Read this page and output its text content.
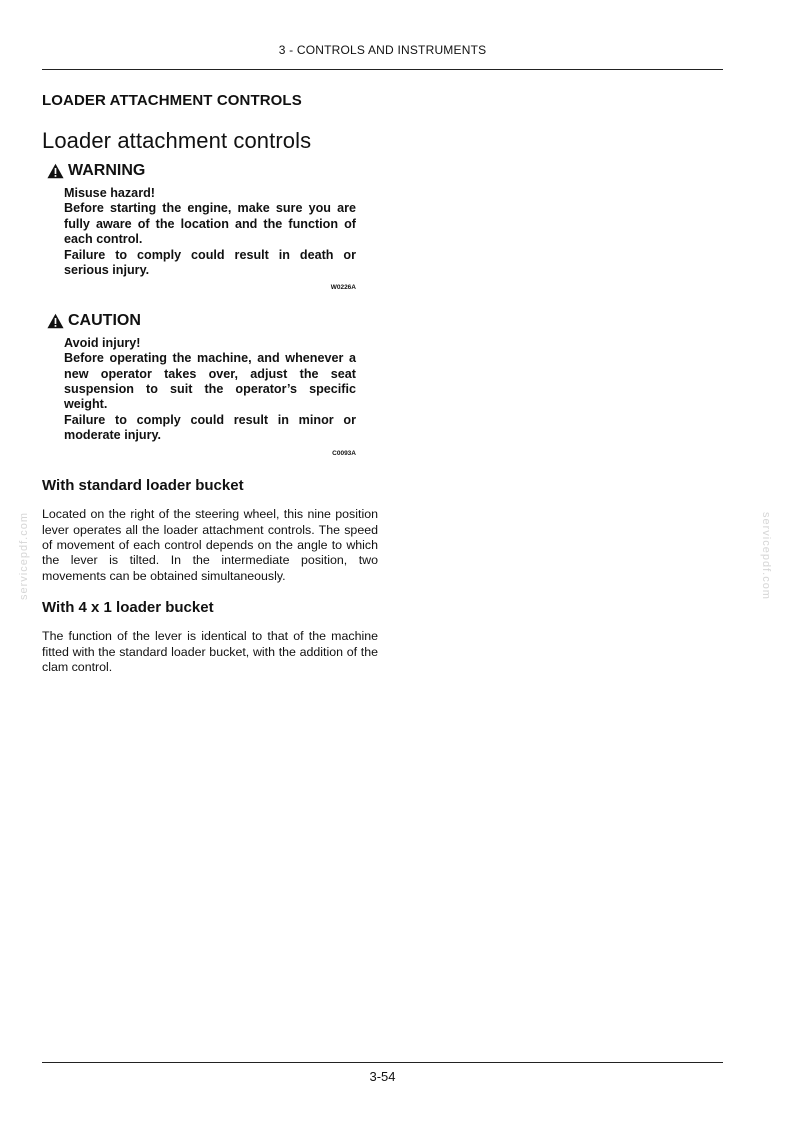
3 - CONTROLS AND INSTRUMENTS
servicepdf.com	servicepdf.com
LOADER ATTACHMENT CONTROLS
Loader attachment controls
WARNING

Misuse hazard!

Before starting the engine, make sure you are fully aware of the location and the function of each control.

Failure to comply could result in death or serious injury.

W0226A
CAUTION

Avoid injury!

Before operating the machine, and whenever a new operator takes over, adjust the seat suspension to suit the operator’s specific weight.

Failure to comply could result in minor or moderate injury.

C0093A
With standard loader bucket

Located on the right of the steering wheel, this nine position lever operates all the loader attachment controls. The speed of movement of each control depends on the angle to which the lever is tilted. In the intermediate position, two movements can be obtained simultaneously.

With 4 x 1 loader bucket

The function of the lever is identical to that of the machine fitted with the standard loader bucket, with the addition of the clam control.

3-54
